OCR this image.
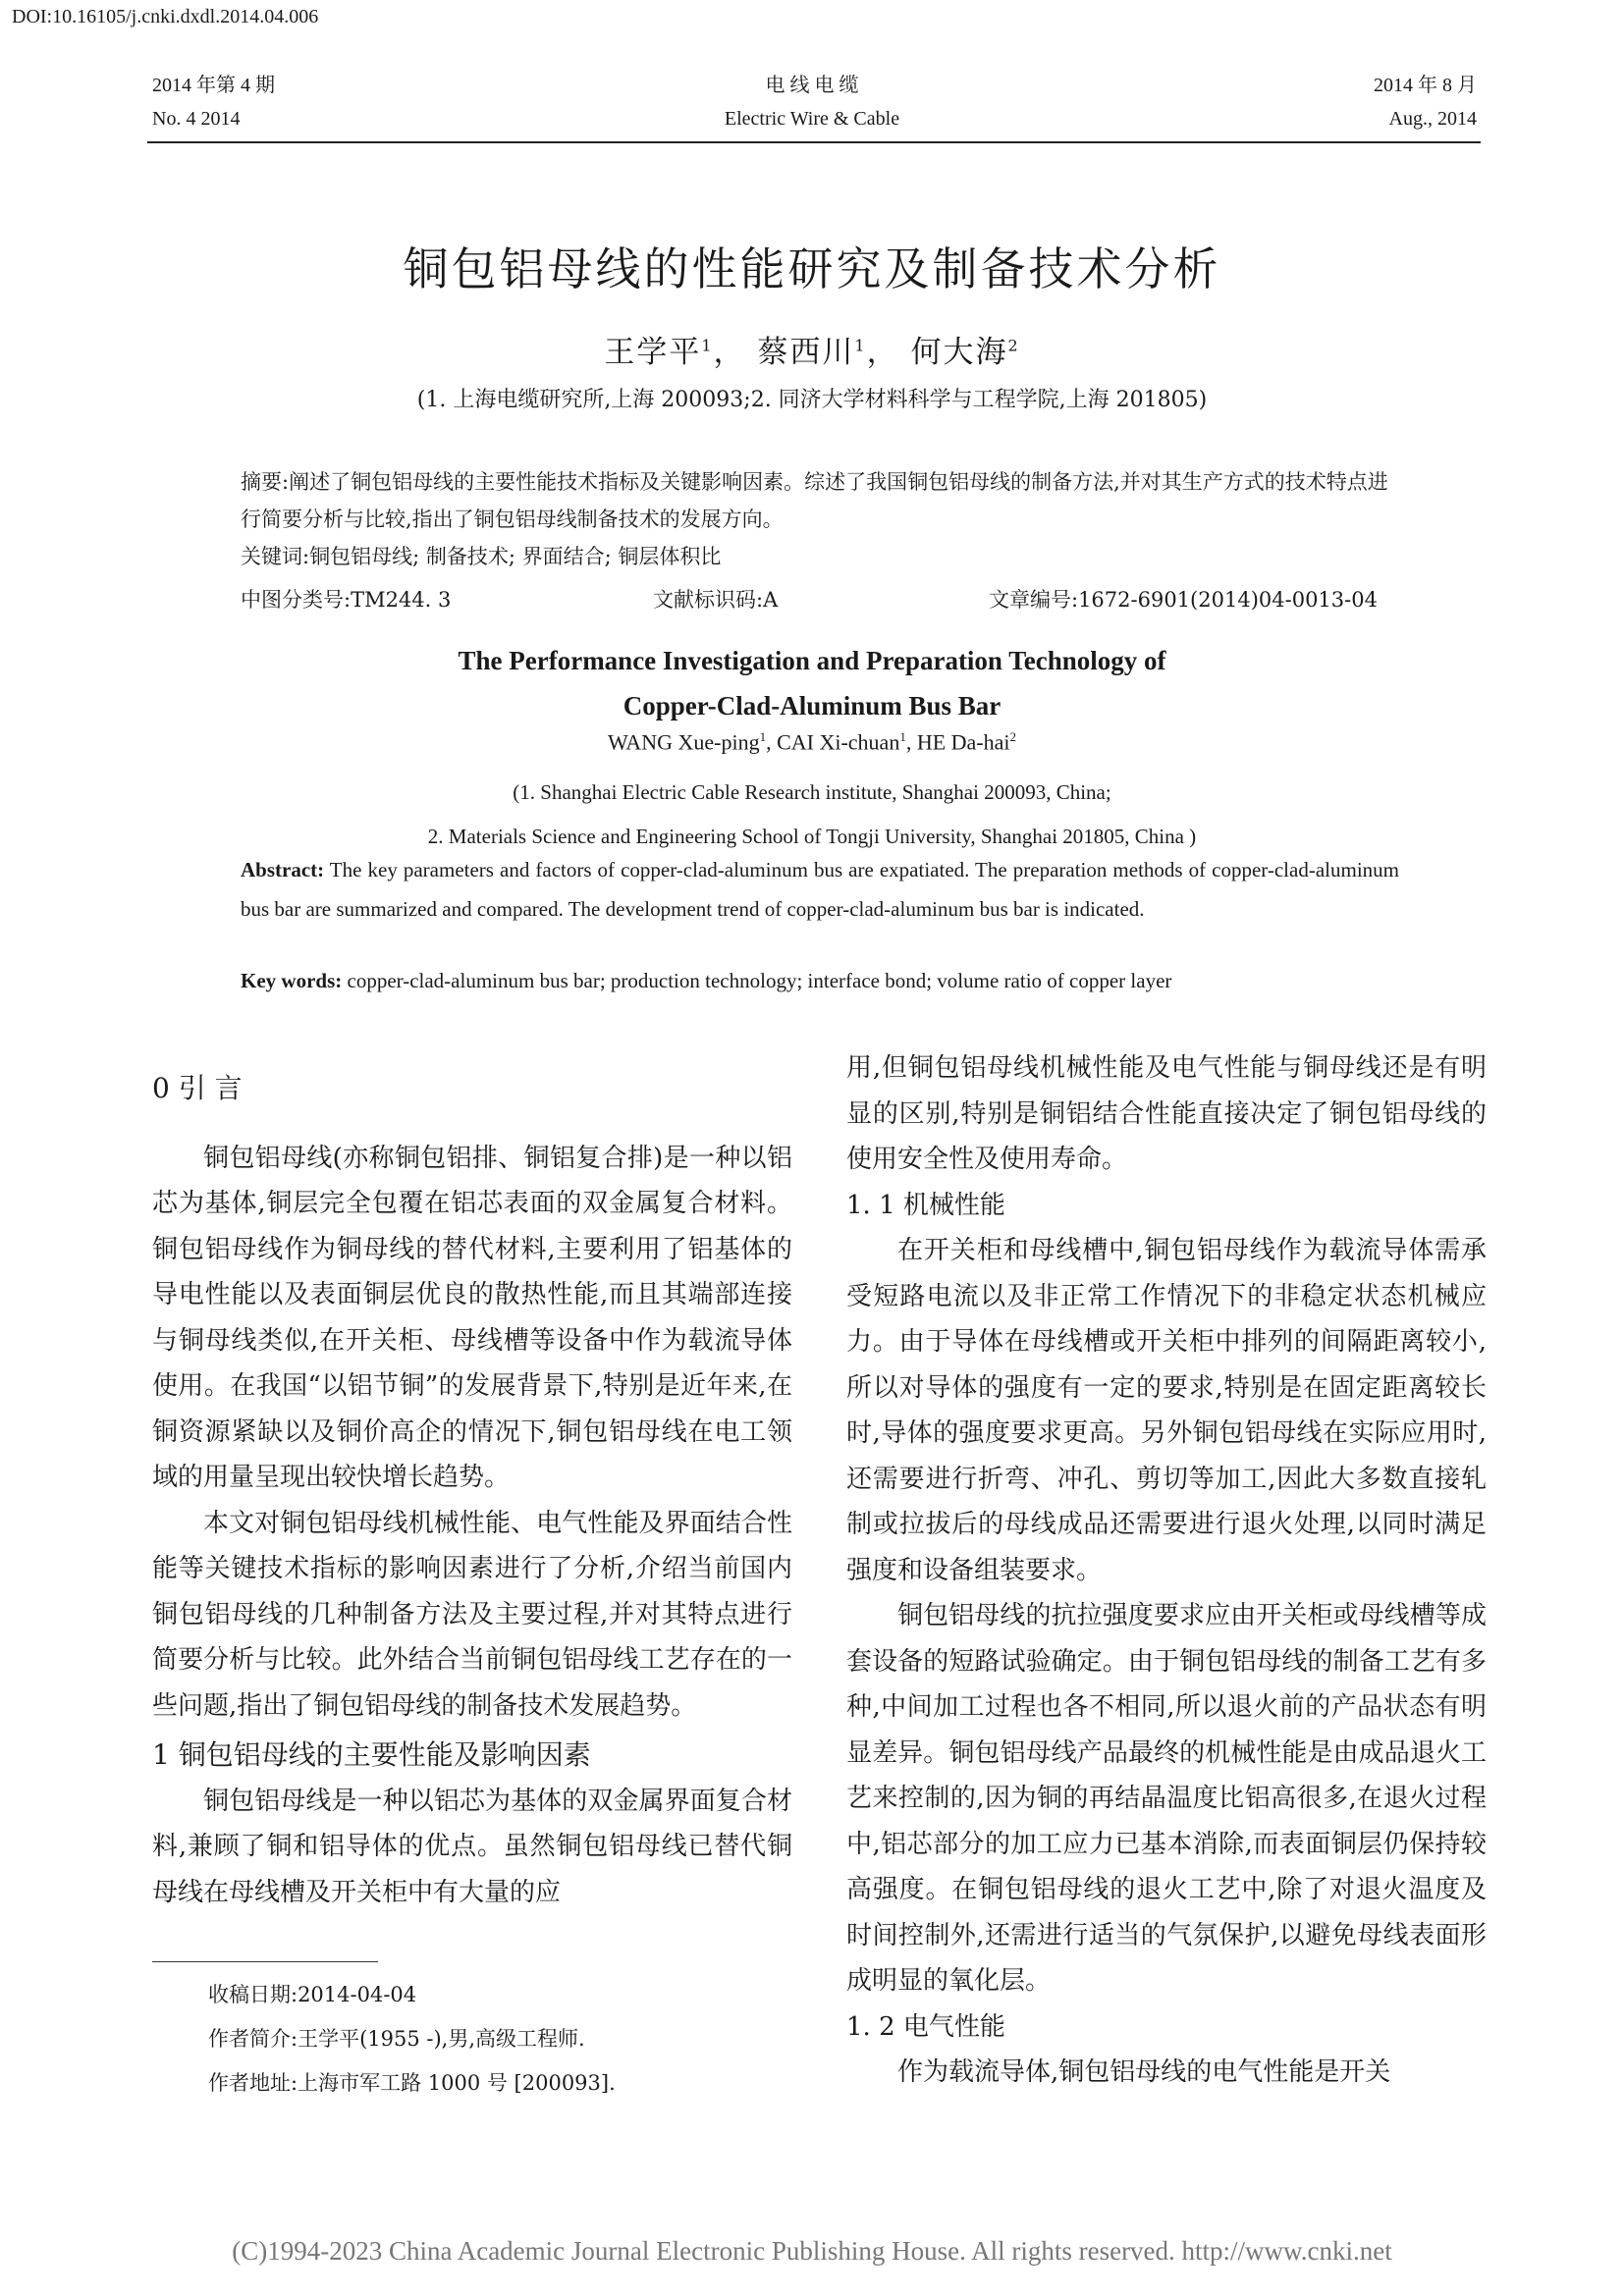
DOI:10.16105/j.cnki.dxdl.2014.04.006
2014 年第 4 期
No. 4 2014
电 线 电 缆
Electric Wire & Cable
2014 年 8 月
Aug., 2014
铜包铝母线的性能研究及制备技术分析
王学平$^1$， 蔡西川$^1$， 何大海$^2$
(1. 上海电缆研究所,上海 200093;2. 同济大学材料科学与工程学院,上海 201805)
摘要:阐述了铜包铝母线的主要性能技术指标及关键影响因素。综述了我国铜包铝母线的制备方法,并对其生产方式的技术特点进行简要分析与比较,指出了铜包铝母线制备技术的发展方向。
关键词:铜包铝母线; 制备技术; 界面结合; 铜层体积比
中图分类号:TM244. 3	文献标识码:A	文章编号:1672-6901(2014)04-0013-04
The Performance Investigation and Preparation Technology of
Copper-Clad-Aluminum Bus Bar
WANG Xue-ping$^1$, CAI Xi-chuan$^1$, HE Da-hai$^2$
(1. Shanghai Electric Cable Research institute, Shanghai 200093, China;
2. Materials Science and Engineering School of Tongji University, Shanghai 201805, China )
Abstract: The key parameters and factors of copper-clad-aluminum bus are expatiated. The preparation methods of copper-clad-aluminum bus bar are summarized and compared. The development trend of copper-clad-aluminum bus bar is indicated.
Key words: copper-clad-aluminum bus bar; production technology; interface bond; volume ratio of copper layer

0 引 言

铜包铝母线(亦称铜包铝排、铜铝复合排)是一种以铝芯为基体,铜层完全包覆在铝芯表面的双金属复合材料。铜包铝母线作为铜母线的替代材料,主要利用了铝基体的导电性能以及表面铜层优良的散热性能,而且其端部连接与铜母线类似,在开关柜、母线槽等设备中作为载流导体使用。在我国“以铝节铜”的发展背景下,特别是近年来,在铜资源紧缺以及铜价高企的情况下,铜包铝母线在电工领域的用量呈现出较快增长趋势。

本文对铜包铝母线机械性能、电气性能及界面结合性能等关键技术指标的影响因素进行了分析,介绍当前国内铜包铝母线的几种制备方法及主要过程,并对其特点进行简要分析与比较。此外结合当前铜包铝母线工艺存在的一些问题,指出了铜包铝母线的制备技术发展趋势。

1 铜包铝母线的主要性能及影响因素

铜包铝母线是一种以铝芯为基体的双金属界面复合材料,兼顾了铜和铝导体的优点。虽然铜包铝母线已替代铜母线在母线槽及开关柜中有大量的应

收稿日期:2014-04-04
作者简介:王学平(1955 -),男,高级工程师.
作者地址:上海市军工路 1000 号 [200093].

用,但铜包铝母线机械性能及电气性能与铜母线还是有明显的区别,特别是铜铝结合性能直接决定了铜包铝母线的使用安全性及使用寿命。

1. 1 机械性能

在开关柜和母线槽中,铜包铝母线作为载流导体需承受短路电流以及非正常工作情况下的非稳定状态机械应力。由于导体在母线槽或开关柜中排列的间隔距离较小,所以对导体的强度有一定的要求,特别是在固定距离较长时,导体的强度要求更高。另外铜包铝母线在实际应用时,还需要进行折弯、冲孔、剪切等加工,因此大多数直接轧制或拉拔后的母线成品还需要进行退火处理,以同时满足强度和设备组装要求。

铜包铝母线的抗拉强度要求应由开关柜或母线槽等成套设备的短路试验确定。由于铜包铝母线的制备工艺有多种,中间加工过程也各不相同,所以退火前的产品状态有明显差异。铜包铝母线产品最终的机械性能是由成品退火工艺来控制的,因为铜的再结晶温度比铝高很多,在退火过程中,铝芯部分的加工应力已基本消除,而表面铜层仍保持较高强度。在铜包铝母线的退火工艺中,除了对退火温度及时间控制外,还需进行适当的气氛保护,以避免母线表面形成明显的氧化层。

1. 2 电气性能

作为载流导体,铜包铝母线的电气性能是开关

(C)1994-2023 China Academic Journal Electronic Publishing House. All rights reserved. http://www.cnki.net
